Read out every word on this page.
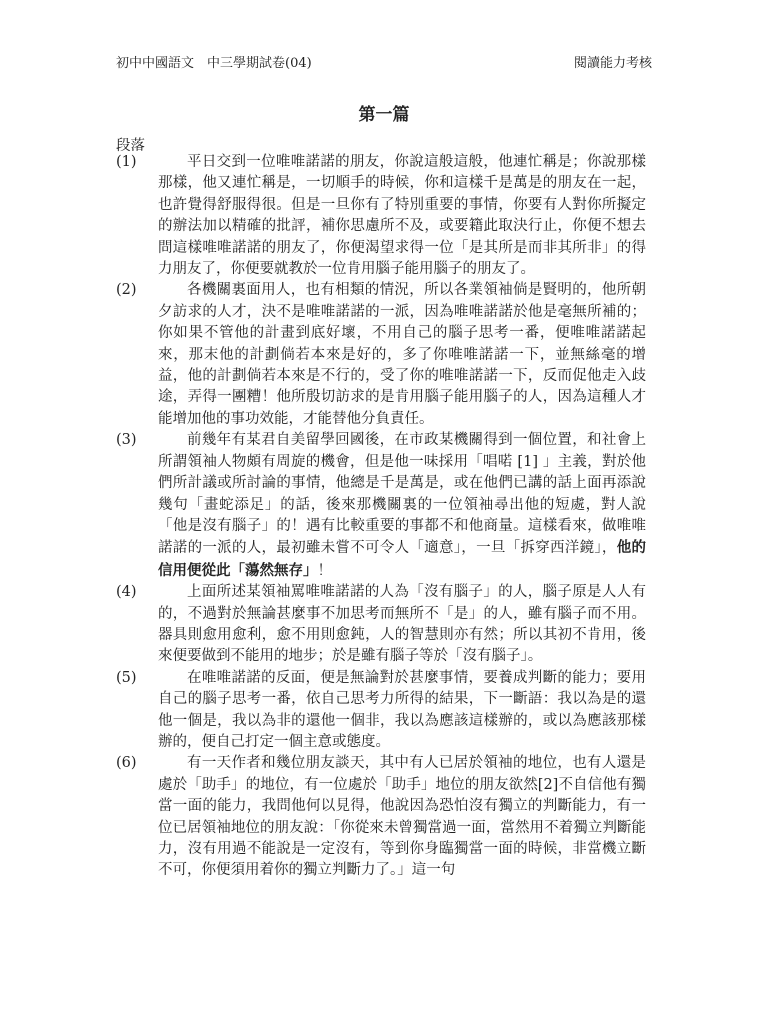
初中中國語文　中三學期試卷(04)	閱讀能力考核
第一篇
段落
(1)	平日交到一位唯唯諾諾的朋友，你說這般這般，他連忙稱是；你說那樣那樣，他又連忙稱是，一切順手的時候，你和這樣千是萬是的朋友在一起，也許覺得舒服得很。但是一旦你有了特別重要的事情，你要有人對你所擬定的辦法加以精確的批評，補你思慮所不及，或要籍此取決行止，你便不想去問這樣唯唯諾諾的朋友了，你便渴望求得一位「是其所是而非其所非」的得力朋友了，你便要就教於一位肯用腦子能用腦子的朋友了。
(2)	各機關裏面用人，也有相類的情況，所以各業領袖倘是賢明的，他所朝夕訪求的人才，決不是唯唯諾諾的一派，因為唯唯諾諾於他是毫無所補的；你如果不管他的計畫到底好壞，不用自己的腦子思考一番，便唯唯諾諾起來，那末他的計劃倘若本來是好的，多了你唯唯諾諾一下，並無絲毫的增益，他的計劃倘若本來是不行的，受了你的唯唯諾諾一下，反而促他走入歧途，弄得一團糟！他所殷切訪求的是肯用腦子能用腦子的人，因為這種人才能增加他的事功效能，才能替他分負責任。
(3)	前幾年有某君自美留學回國後，在市政某機關得到一個位置，和社會上所謂領袖人物頗有周旋的機會，但是他一味採用「唱喏 [1] 」主義，對於他們所計議或所討論的事情，他總是千是萬是，或在他們已講的話上面再添說幾句「畫蛇添足」的話，後來那機關裏的一位領袖尋出他的短處，對人說「他是沒有腦子」的！遇有比較重要的事都不和他商量。這樣看來，做唯唯諾諾的一派的人，最初雖未嘗不可令人「適意」，一旦「拆穿西洋鏡」，他的信用便從此「蕩然無存」！
(4)	上面所述某領袖罵唯唯諾諾的人為「沒有腦子」的人，腦子原是人人有的，不過對於無論甚麼事不加思考而無所不「是」的人，雖有腦子而不用。器具則愈用愈利，愈不用則愈鈍，人的智慧則亦有然；所以其初不肯用，後來便要做到不能用的地步；於是雖有腦子等於「沒有腦子」。
(5)	在唯唯諾諾的反面，便是無論對於甚麼事情，要養成判斷的能力；要用自己的腦子思考一番，依自己思考力所得的結果，下一斷語：我以為是的還他一個是，我以為非的還他一個非，我以為應該這樣辦的，或以為應該那樣辦的，便自己打定一個主意或態度。
(6)	有一天作者和幾位朋友談天，其中有人已居於領袖的地位，也有人還是處於「助手」的地位，有一位處於「助手」地位的朋友欲然[2]不自信他有獨當一面的能力，我問他何以見得，他說因為恐怕沒有獨立的判斷能力，有一位已居領袖地位的朋友說：「你從來未曾獨當過一面，當然用不着獨立判斷能力，沒有用過不能說是一定沒有，等到你身臨獨當一面的時候，非當機立斷不可，你便須用着你的獨立判斷力了。」這一句
